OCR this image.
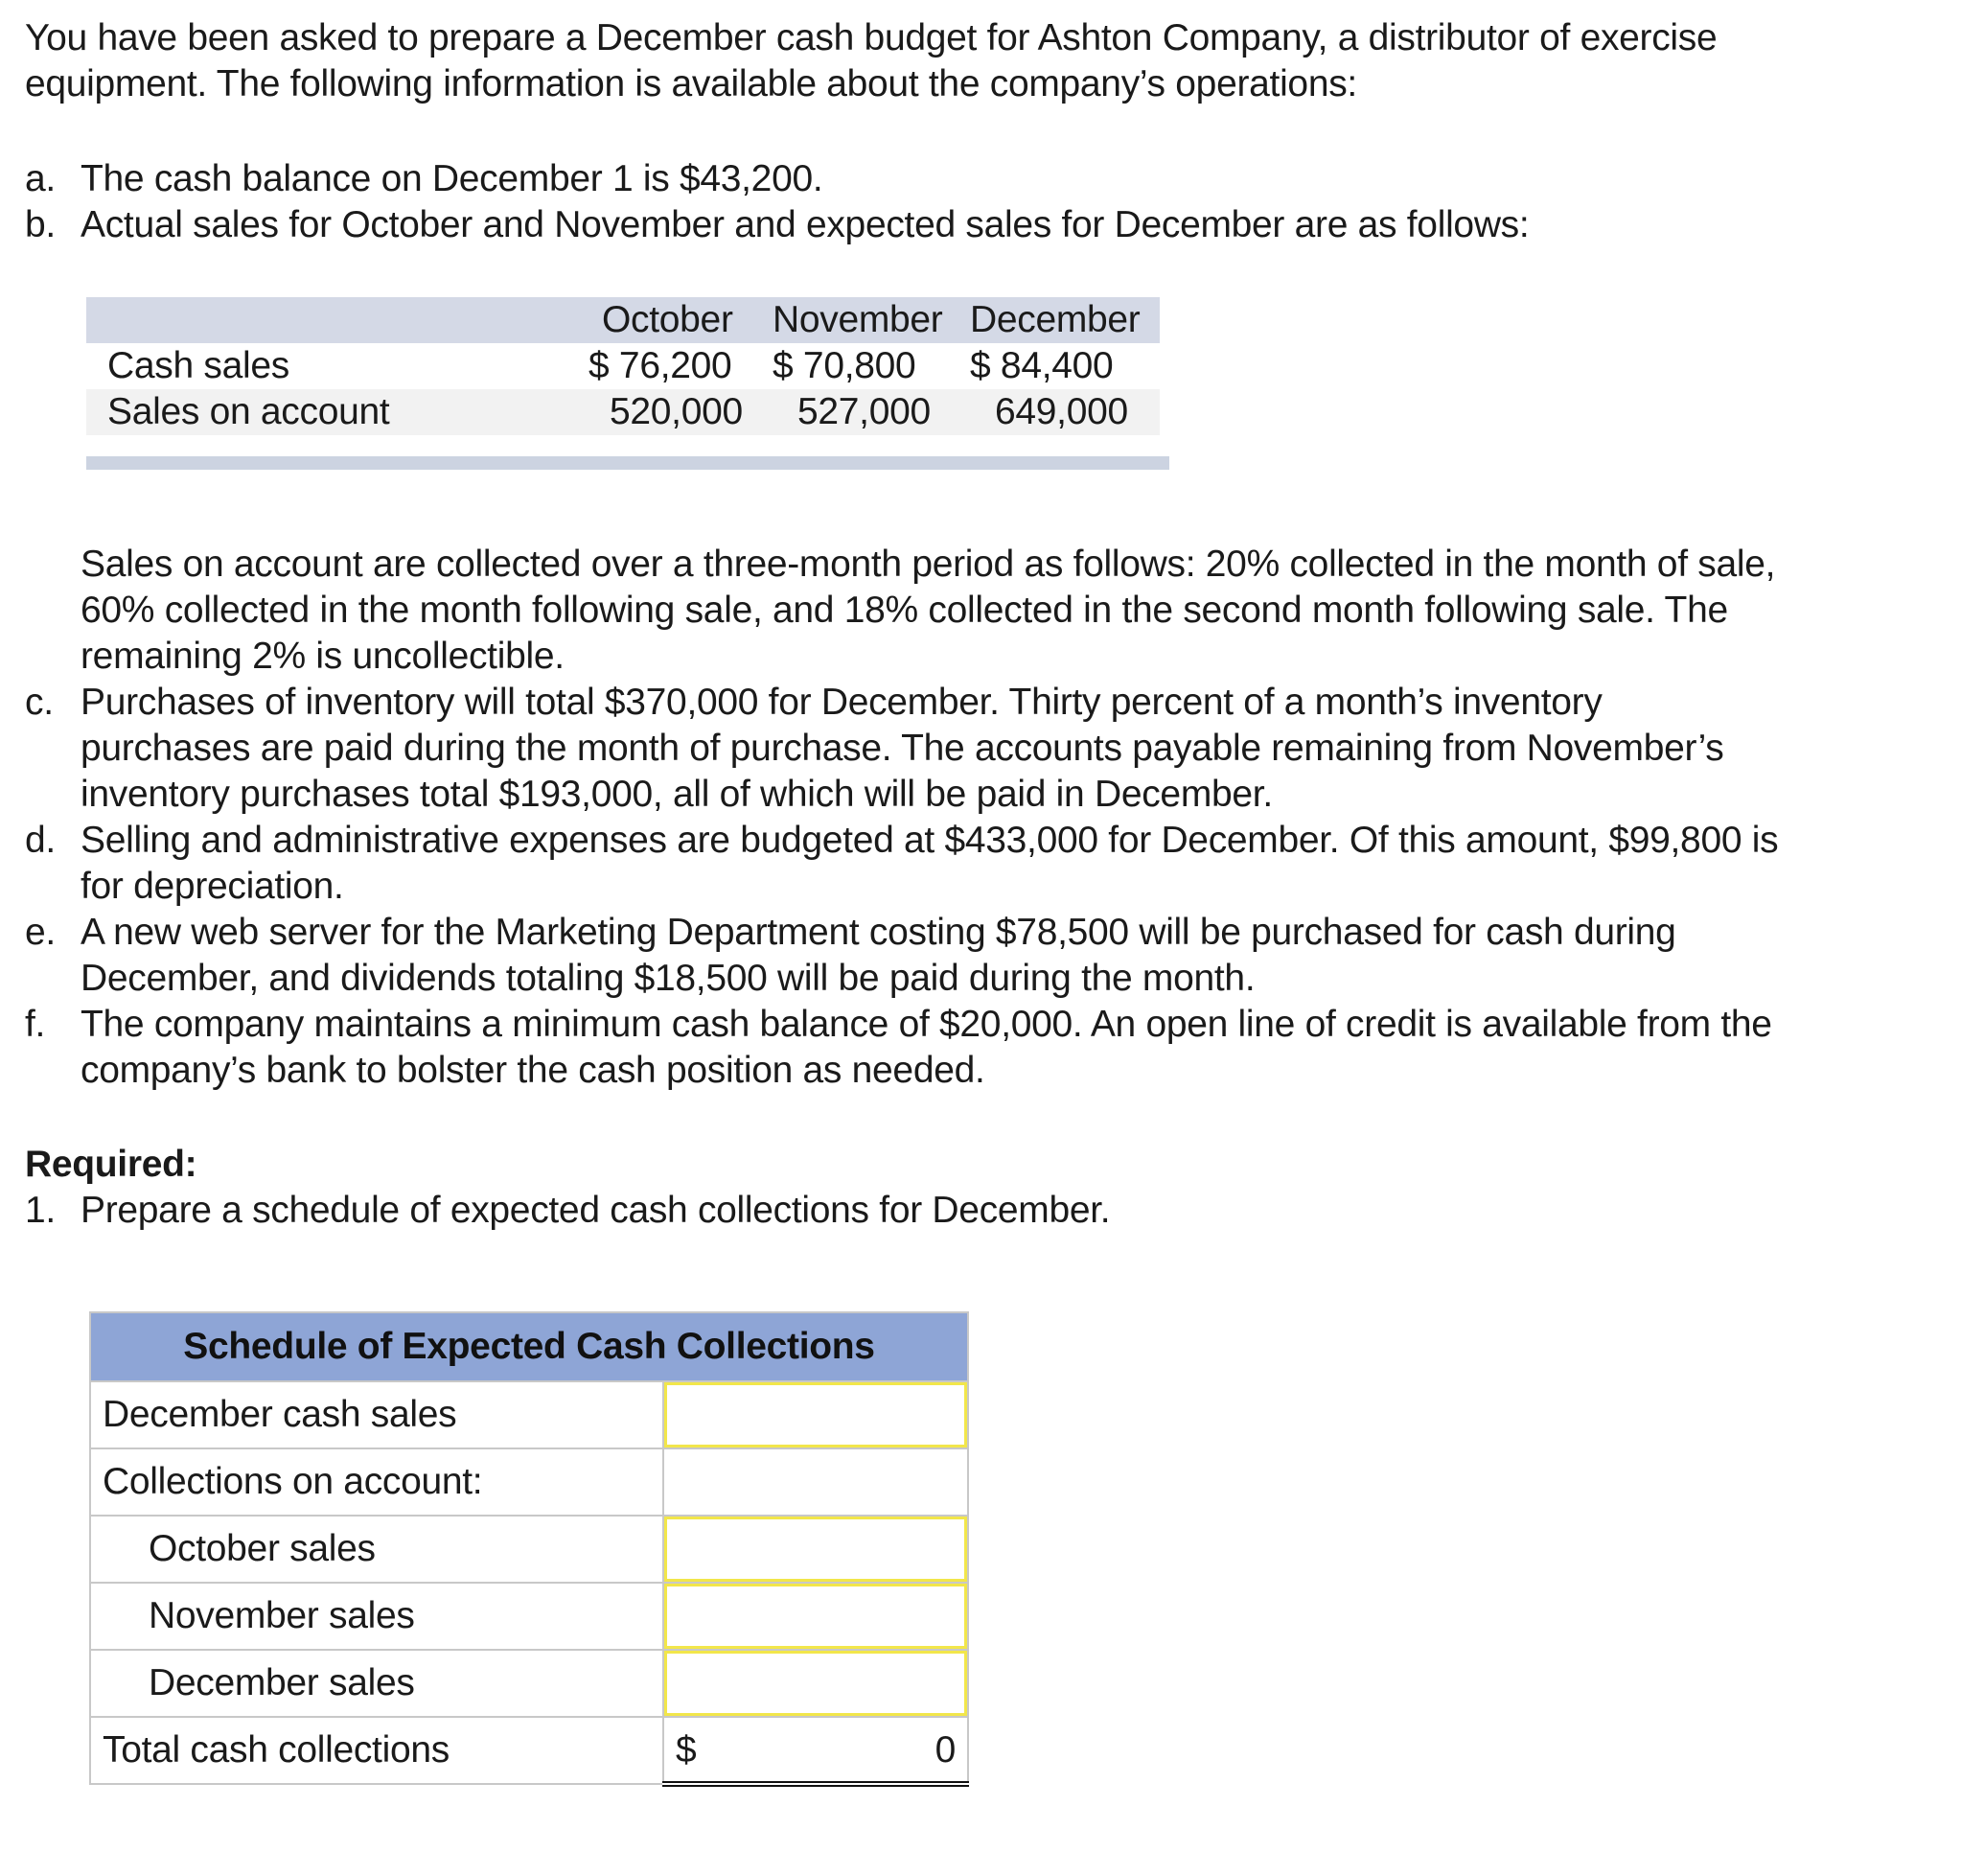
You have been asked to prepare a December cash budget for Ashton Company, a distributor of exercise
equipment. The following information is available about the company’s operations:
a. The cash balance on December 1 is $43,200.
b. Actual sales for October and November and expected sales for December are as follows:
October November December
Cash sales	$ 76,200 $ 70,800 $ 84,400
Sales on account	520,000 527,000 649,000
Sales on account are collected over a three-month period as follows: 20% collected in the month of sale,
60% collected in the month following sale, and 18% collected in the second month following sale. The
remaining 2% is uncollectible.
c. Purchases of inventory will total $370,000 for December. Thirty percent of a month’s inventory
purchases are paid during the month of purchase. The accounts payable remaining from November’s
inventory purchases total $193,000, all of which will be paid in December.
d. Selling and administrative expenses are budgeted at $433,000 for December. Of this amount, $99,800 is
for depreciation.
e. A new web server for the Marketing Department costing $78,500 will be purchased for cash during
December, and dividends totaling $18,500 will be paid during the month.
f. The company maintains a minimum cash balance of $20,000. An open line of credit is available from the
company’s bank to bolster the cash position as needed.
Required:
1. Prepare a schedule of expected cash collections for December.
Schedule of Expected Cash Collections	
December cash sales	

Collections on account:	
October sales	

November sales	

December sales	

Total cash collections	$ 0
